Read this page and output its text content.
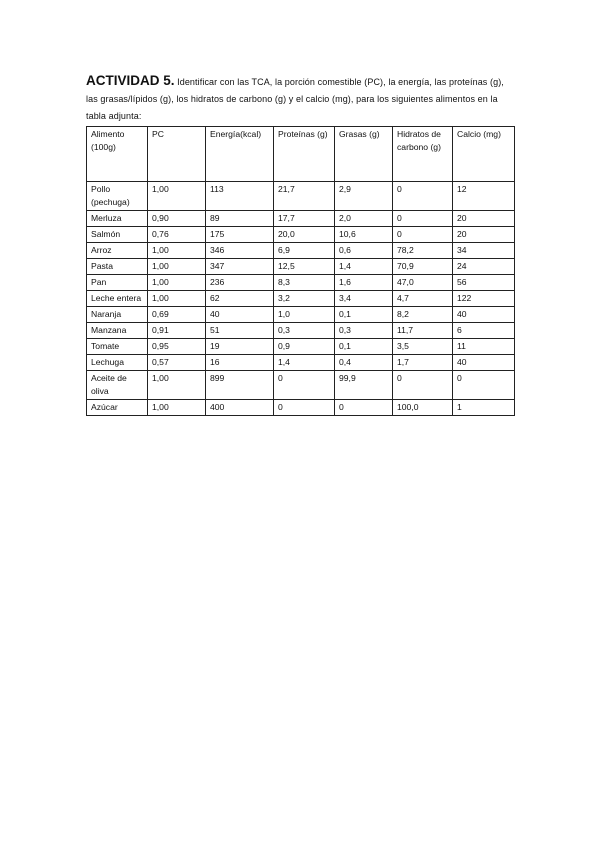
ACTIVIDAD 5. Identificar con las TCA, la porción comestible (PC), la energía, las proteínas (g), las grasas/lípidos (g), los hidratos de carbono (g) y el calcio (mg), para los siguientes alimentos en la tabla adjunta:
Alimento (100g)	PC	Energía(kcal)	Proteínas (g)	Grasas (g)	Hidratos de carbono (g)	Calcio (mg)
Pollo (pechuga)	1,00	113	21,7	2,9	0	12
Merluza	0,90	89	17,7	2,0	0	20
Salmón	0,76	175	20,0	10,6	0	20
Arroz	1,00	346	6,9	0,6	78,2	34
Pasta	1,00	347	12,5	1,4	70,9	24
Pan	1,00	236	8,3	1,6	47,0	56
Leche entera	1,00	62	3,2	3,4	4,7	122
Naranja	0,69	40	1,0	0,1	8,2	40
Manzana	0,91	51	0,3	0,3	11,7	6
Tomate	0,95	19	0,9	0,1	3,5	11
Lechuga	0,57	16	1,4	0,4	1,7	40
Aceite de oliva	1,00	899	0	99,9	0	0
Azúcar	1,00	400	0	0	100,0	1
